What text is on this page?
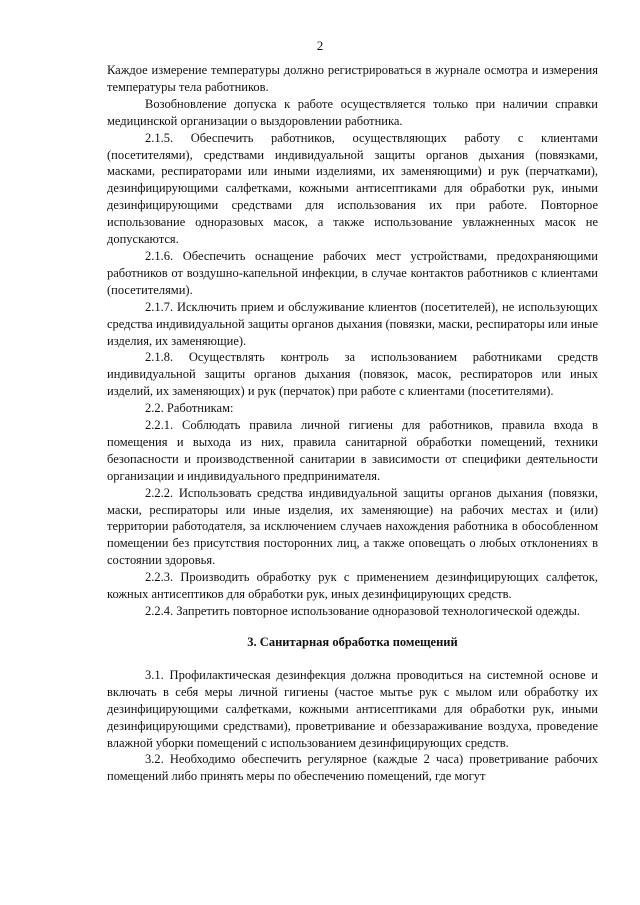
2

Каждое измерение температуры должно регистрироваться в журнале осмотра и измерения температуры тела работников.

Возобновление допуска к работе осуществляется только при наличии справки медицинской организации о выздоровлении работника.

2.1.5. Обеспечить работников, осуществляющих работу с клиентами (посетителями), средствами индивидуальной защиты органов дыхания (повязками, масками, респираторами или иными изделиями, их заменяющими) и рук (перчатками), дезинфицирующими салфетками, кожными антисептиками для обработки рук, иными дезинфицирующими средствами для использования их при работе. Повторное использование одноразовых масок, а также использование увлажненных масок не допускаются.

2.1.6. Обеспечить оснащение рабочих мест устройствами, предохраняющими работников от воздушно-капельной инфекции, в случае контактов работников с клиентами (посетителями).

2.1.7. Исключить прием и обслуживание клиентов (посетителей), не использующих средства индивидуальной защиты органов дыхания (повязки, маски, респираторы или иные изделия, их заменяющие).

2.1.8. Осуществлять контроль за использованием работниками средств индивидуальной защиты органов дыхания (повязок, масок, респираторов или иных изделий, их заменяющих) и рук (перчаток) при работе с клиентами (посетителями).

2.2. Работникам:

2.2.1. Соблюдать правила личной гигиены для работников, правила входа в помещения и выхода из них, правила санитарной обработки помещений, техники безопасности и производственной санитарии в зависимости от специфики деятельности организации и индивидуального предпринимателя.

2.2.2. Использовать средства индивидуальной защиты органов дыхания (повязки, маски, респираторы или иные изделия, их заменяющие) на рабочих местах и (или) территории работодателя, за исключением случаев нахождения работника в обособленном помещении без присутствия посторонних лиц, а также оповещать о любых отклонениях в состоянии здоровья.

2.2.3. Производить обработку рук с применением дезинфицирующих салфеток, кожных антисептиков для обработки рук, иных дезинфицирующих средств.

2.2.4. Запретить повторное использование одноразовой технологической одежды.

3. Санитарная обработка помещений

3.1. Профилактическая дезинфекция должна проводиться на системной основе и включать в себя меры личной гигиены (частое мытье рук с мылом или обработку их дезинфицирующими салфетками, кожными антисептиками для обработки рук, иными дезинфицирующими средствами), проветривание и обеззараживание воздуха, проведение влажной уборки помещений с использованием дезинфицирующих средств.

3.2. Необходимо обеспечить регулярное (каждые 2 часа) проветривание рабочих помещений либо принять меры по обеспечению помещений, где могут
